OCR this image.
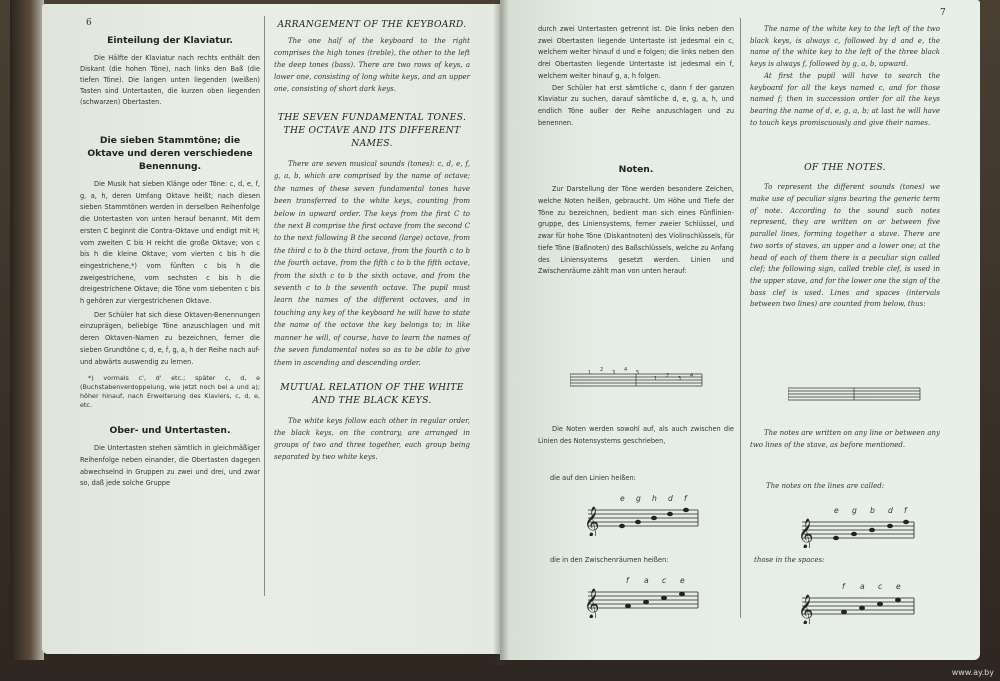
6
Einteilung der Klaviatur.

Die Hälfte der Klaviatur nach rechts enthält den Diskant (die hohen Töne), nach links den Baß (die tiefen Töne). Die langen unten liegenden (weißen) Tasten sind Untertasten, die kurzen oben liegenden (schwarzen) Obertasten.

Die sieben Stammtöne; die Oktave und deren verschiedene Benennung.

Die Musik hat sieben Klänge oder Töne: c, d, e, f, g, a, h, deren Umfang Oktave heißt; nach diesen sieben Stammtönen werden in derselben Reihenfolge die Untertasten von unten herauf benannt. Mit dem ersten C beginnt die Contra-Oktave und endigt mit H; vom zweiten C bis H reicht die große Oktave; von c bis h die kleine Oktave; vom vierten c bis h die eingestrichene,*) vom fünften c bis h die zweigestrichene, vom sechsten c bis h die dreigestrichene Oktave; die Töne vom siebenten c bis h gehören zur viergestrichenen Oktave.

Der Schüler hat sich diese Oktaven-Benennungen einzuprägen, beliebige Töne anzuschlagen und mit deren Oktaven-Namen zu bezeichnen, ferner die sieben Grundtöne c, d, e, f, g, a, h der Reihe nach auf- und abwärts auswendig zu lernen.

*) vormals c', d' etc.; später c, d, e (Buchstabenverdoppelung, wie jetzt noch bei a und a); höher hinauf, nach Erweiterung des Klaviers, c, d, e, etc.

Ober- und Untertasten.

Die Untertasten stehen sämtlich in gleichmäßiger Reihenfolge neben einander, die Obertasten dagegen abwechselnd in Gruppen zu zwei und drei, und zwar so, daß jede solche Gruppe

ARRANGEMENT OF THE KEYBOARD.

The one half of the keyboard to the right comprises the high tones (treble), the other to the left the deep tones (bass). There are two rows of keys, a lower one, consisting of long white keys, and an upper one, consisting of short dark keys.

THE SEVEN FUNDAMENTAL TONES. THE OCTAVE AND ITS DIFFERENT NAMES.

There are seven musical sounds (tones): c, d, e, f, g, a, b, which are comprised by the name of octave; the names of these seven fundamental tones have been transferred to the white keys, counting from below in upward order. The keys from the first C to the next B comprise the first octave from the second C to the next following B the second (large) octave, from the third c to b the third octave, from the fourth c to b the fourth octave, from the fifth c to b the fifth octave, from the sixth c to b the sixth octave, and from the seventh c to b the seventh octave. The pupil must learn the names of the different octaves, and in touching any key of the keyboard he will have to state the name of the octave the key belongs to; in like manner he will, of course, have to learn the names of the seven fundamental notes so as to be able to give them in ascending and descending order.

MUTUAL RELATION OF THE WHITE AND THE BLACK KEYS.

The white keys follow each other in regular order, the black keys, on the contrary, are arranged in groups of two and three together, each group being separated by two white keys.

7

durch zwei Untertasten getrennt ist. Die links neben den zwei Obertasten liegende Untertaste ist jedesmal ein c, welchem weiter hinauf d und e folgen; die links neben den drei Obertasten liegende Untertaste ist jedesmal ein f, welchem weiter hinauf g, a, h folgen.

Der Schüler hat erst sämtliche c, dann f der ganzen Klaviatur zu suchen, darauf sämtliche d, e, g, a, h, und endlich Töne außer der Reihe anzuschlagen und zu benennen.

Noten.

Zur Darstellung der Töne werden besondere Zeichen, welche Noten heißen, gebraucht. Um Höhe und Tiefe der Töne zu bezeichnen, bedient man sich eines Fünflinien-gruppe, des Liniensystems, ferner zweier Schlüssel, und zwar für hohe Töne (Diskantnoten) des Violinschlüssels, für tiefe Töne (Baßnoten) des Baßschlüssels, welche zu Anfang des Liniensystems gesetzt werden. Linien und Zwischenräume zählt man von unten herauf:

The name of the white key to the left of the two black keys, is always c, followed by d and e, the name of the white key to the left of the three black keys is always f, followed by g, a, b, upward.

At first the pupil will have to search the keyboard for all the keys named c, and for those named f; then in succession order for all the keys bearing the name of d, e, g, a, b; at last he will have to touch keys promiscuously and give their names.

OF THE NOTES.

To represent the different sounds (tones) we make use of peculiar signs bearing the generic term of note. According to the sound such notes represent, they are written on or between five parallel lines, forming together a stave. There are two sorts of staves, an upper and a lower one; at the head of each of them there is a peculiar sign called clef; the following sign, called treble clef, is used in the upper stave, and for the lower one the sign of the bass clef is used. Lines and spaces (intervals between two lines) are counted from below, thus:

1 2 3 4 5
1 2 3 4

Die Noten werden sowohl auf, als auch zwischen die Linien des Notensystems geschrieben,

die auf den Linien heißen:
die in den Zwischenräumen heißen:

The notes are written on any line or between any two lines of the stave, as before mentioned.

The notes on the lines are called:
those in the spaces:
𝄞
e g h d f
𝄞
f a c e
𝄞
e g b d f
𝄞
f a c e
www.ay.by
